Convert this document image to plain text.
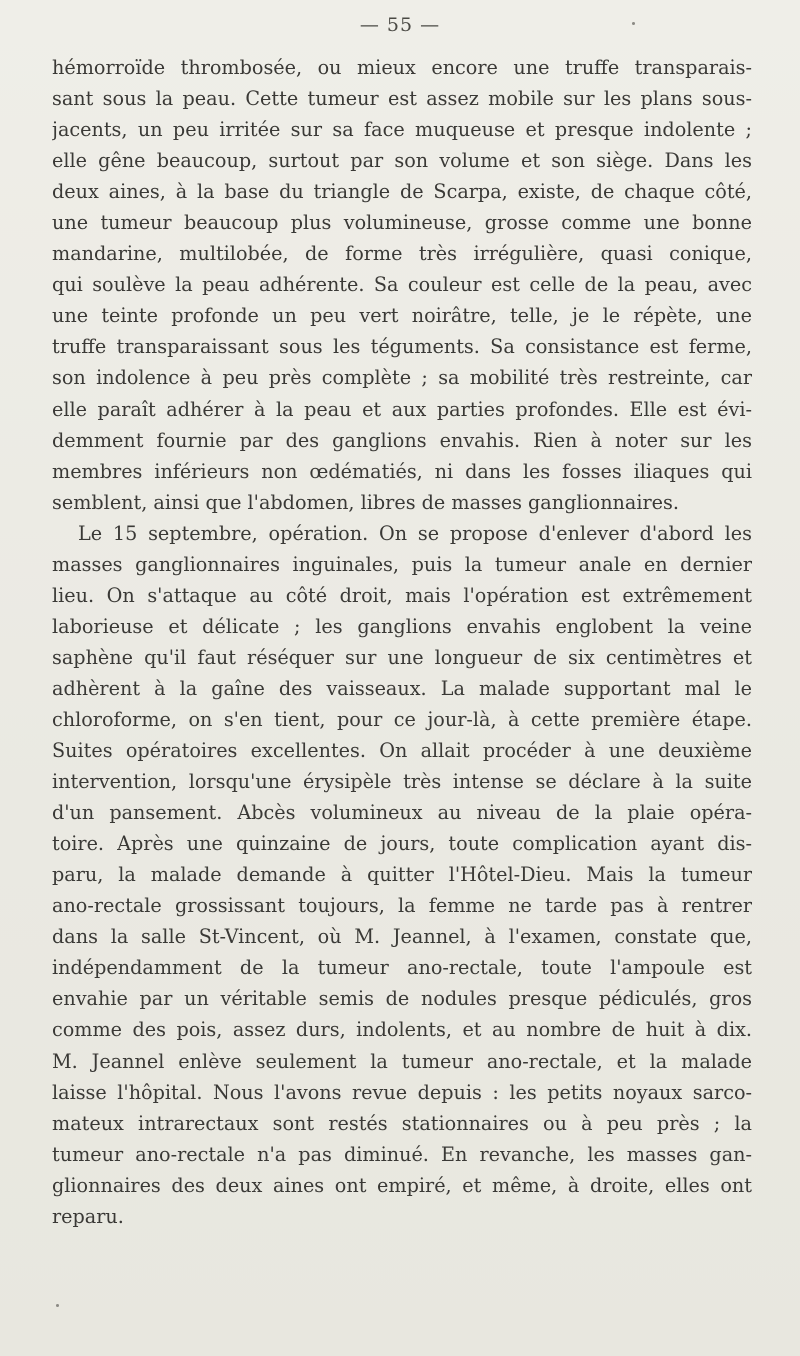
— 55 —
hémorroïde thrombosée, ou mieux encore une truffe transparais-
sant sous la peau. Cette tumeur est assez mobile sur les plans sous-
jacents, un peu irritée sur sa face muqueuse et presque indolente ;
elle gêne beaucoup, surtout par son volume et son siège. Dans les
deux aines, à la base du triangle de Scarpa, existe, de chaque côté,
une tumeur beaucoup plus volumineuse, grosse comme une bonne
mandarine, multilobée, de forme très irrégulière, quasi conique,
qui soulève la peau adhérente. Sa couleur est celle de la peau, avec
une teinte profonde un peu vert noirâtre, telle, je le répète, une
truffe transparaissant sous les téguments. Sa consistance est ferme,
son indolence à peu près complète ; sa mobilité très restreinte, car
elle paraît adhérer à la peau et aux parties profondes. Elle est évi-
demment fournie par des ganglions envahis. Rien à noter sur les
membres inférieurs non œdématiés, ni dans les fosses iliaques qui
semblent, ainsi que l'abdomen, libres de masses ganglionnaires.
Le 15 septembre, opération. On se propose d'enlever d'abord les
masses ganglionnaires inguinales, puis la tumeur anale en dernier
lieu. On s'attaque au côté droit, mais l'opération est extrêmement
laborieuse et délicate ; les ganglions envahis englobent la veine
saphène qu'il faut réséquer sur une longueur de six centimètres et
adhèrent à la gaîne des vaisseaux. La malade supportant mal le
chloroforme, on s'en tient, pour ce jour-là, à cette première étape.
Suites opératoires excellentes. On allait procéder à une deuxième
intervention, lorsqu'une érysipèle très intense se déclare à la suite
d'un pansement. Abcès volumineux au niveau de la plaie opéra-
toire. Après une quinzaine de jours, toute complication ayant dis-
paru, la malade demande à quitter l'Hôtel-Dieu. Mais la tumeur
ano-rectale grossissant toujours, la femme ne tarde pas à rentrer
dans la salle St-Vincent, où M. Jeannel, à l'examen, constate que,
indépendamment de la tumeur ano-rectale, toute l'ampoule est
envahie par un véritable semis de nodules presque pédiculés, gros
comme des pois, assez durs, indolents, et au nombre de huit à dix.
M. Jeannel enlève seulement la tumeur ano-rectale, et la malade
laisse l'hôpital. Nous l'avons revue depuis : les petits noyaux sarco-
mateux intrarectaux sont restés stationnaires ou à peu près ; la
tumeur ano-rectale n'a pas diminué. En revanche, les masses gan-
glionnaires des deux aines ont empiré, et même, à droite, elles ont
reparu.
